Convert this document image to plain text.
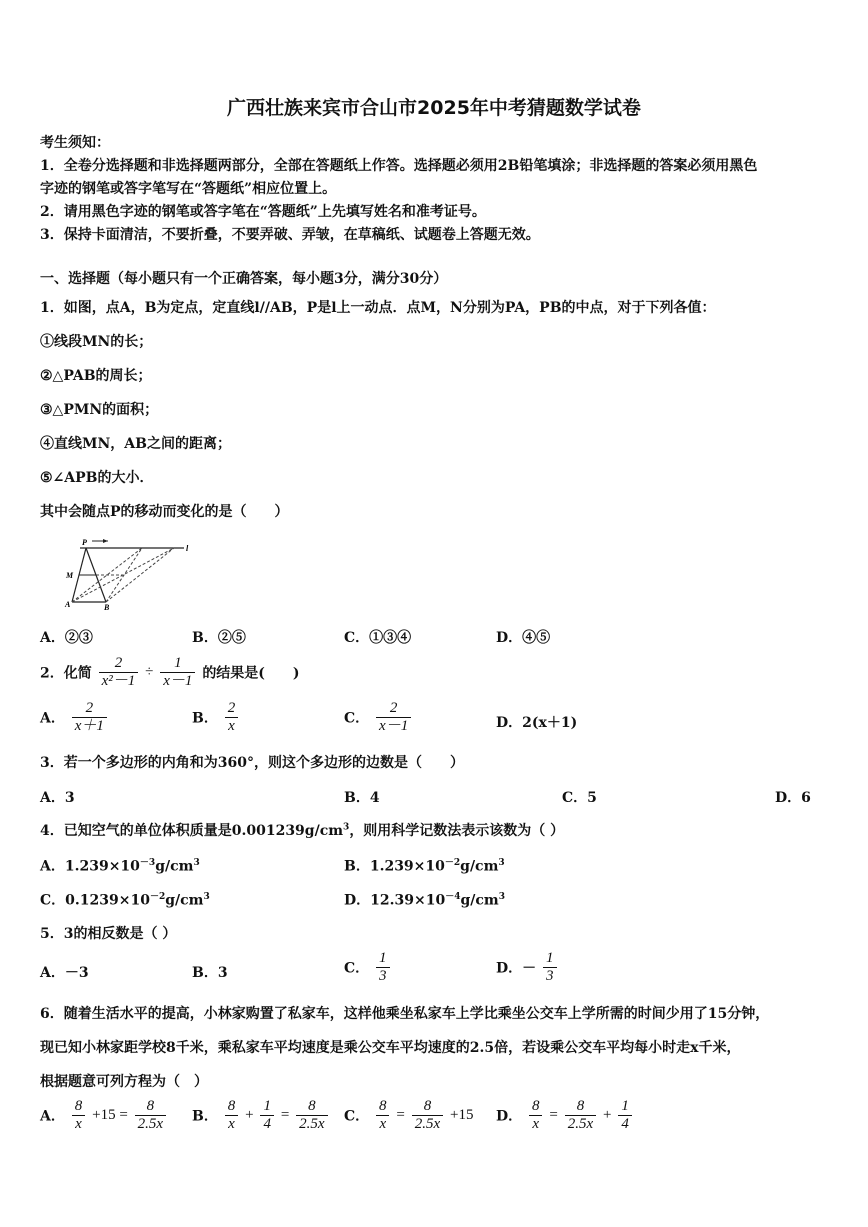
广西壮族来宾市合山市2025年中考猜题数学试卷
考生须知：
1．全卷分选择题和非选择题两部分，全部在答题纸上作答。选择题必须用2B铅笔填涂；非选择题的答案必须用黑色
字迹的钢笔或答字笔写在“答题纸”相应位置上。
2．请用黑色字迹的钢笔或答字笔在“答题纸”上先填写姓名和准考证号。
3．保持卡面清洁，不要折叠，不要弄破、弄皱，在草稿纸、试题卷上答题无效。
一、选择题（每小题只有一个正确答案，每小题3分，满分30分）
1．如图，点A，B为定点，定直线l//AB，P是l上一动点．点M，N分别为PA，PB的中点，对于下列各值：
①线段MN的长；
②△PAB的周长；
③△PMN的面积；
④直线MN，AB之间的距离；
⑤∠APB的大小．
其中会随点P的移动而变化的是（　　）
P
l
M
A	B
A．②③	B．②⑤	C．①③④	D．④⑤
2．化简 $\frac{2}{\text{x²－1}} \div \frac{1}{x-1}$ 的结果是(　　)
A． $\frac{2}{x+1}$	B． $\frac{2}{x}$	C． $\frac{2}{x-1}$	D．2(x＋1)
3．若一个多边形的内角和为360°，则这个多边形的边数是（　　）
A．3	B．4	C．5	D．6
4．已知空气的单位体积质量是$0.001239g/cm^3$，则用科学记数法表示该数为（ ）
A．$1.239\times 10^{-3}g/cm^3$	B．$1.239\times 10^{-2}g/cm^3$
C．$0.1239\times 10^{-2}g/cm^3$	D．$12.39\times 10^{-4}g/cm^3$
5．3的相反数是（ ）
A．－3	B．3	C． $\frac{1}{3}$	D．－ $\frac{1}{3}$
6．随着生活水平的提高，小林家购置了私家车，这样他乘坐私家车上学比乘坐公交车上学所需的时间少用了15分钟，
现已知小林家距学校8千米，乘私家车平均速度是乘公交车平均速度的2.5倍，若设乘公交车平均每小时走x千米，
根据题意可列方程为（　）
A． $\frac{8}{x} +15 = \frac{8}{2.5x}$ B． $\frac{8}{x} + \frac{1}{4} = \frac{8}{2.5x}$ C． $\frac{8}{x} = \frac{8}{2.5x} +15$ D． $\frac{8}{x} = \frac{8}{2.5x} + \frac{1}{4}$
